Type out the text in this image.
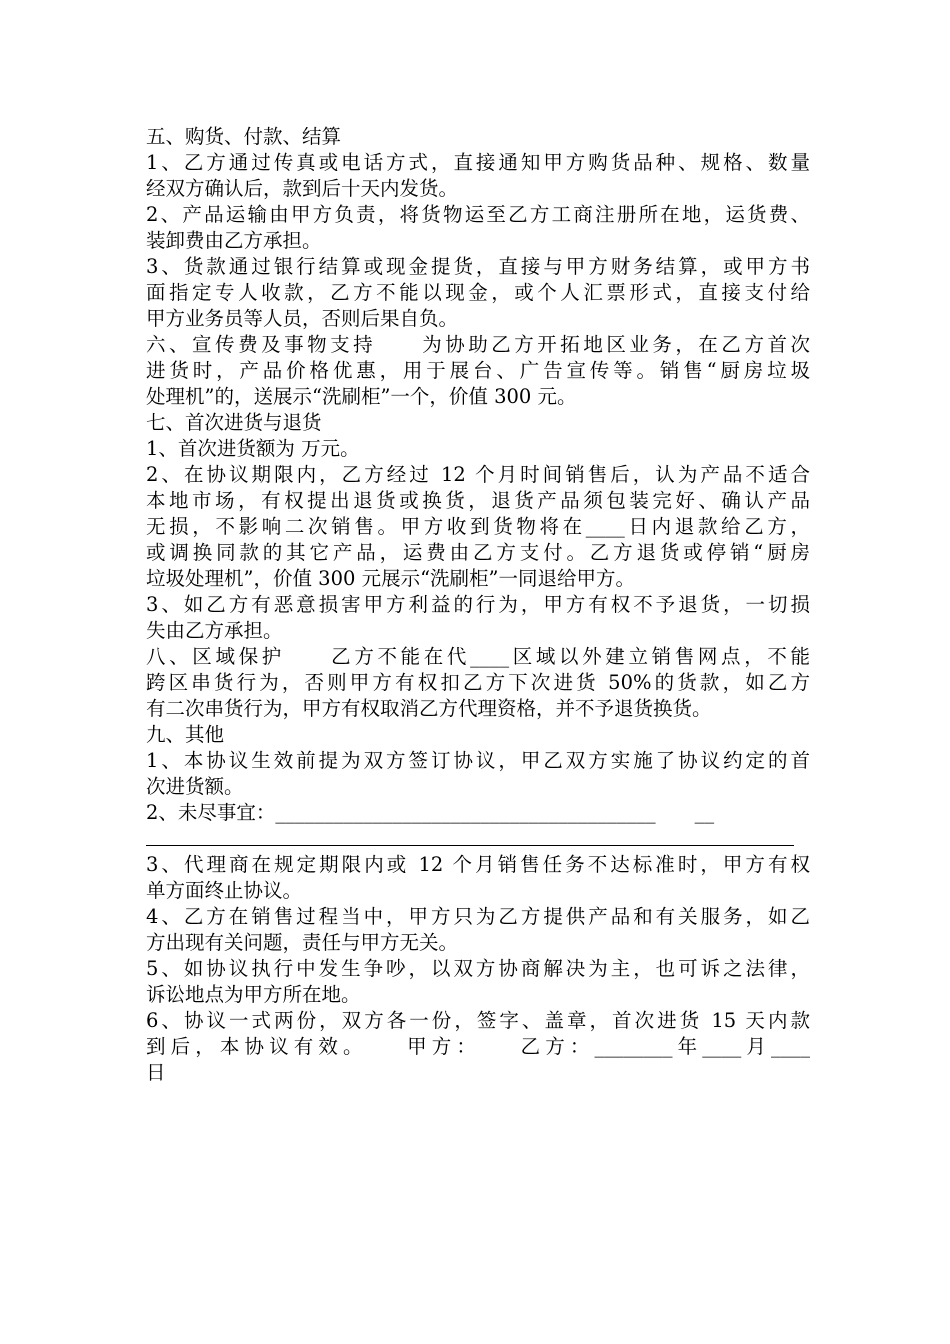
五、购货、付款、结算
1、乙方通过传真或电话方式，直接通知甲方购货品种、规格、数量
经双方确认后，款到后十天内发货。
2、产品运输由甲方负责，将货物运至乙方工商注册所在地，运货费、
装卸费由乙方承担。
3、货款通过银行结算或现金提货，直接与甲方财务结算，或甲方书
面指定专人收款，乙方不能以现金，或个人汇票形式，直接支付给
甲方业务员等人员，否则后果自负。
六、宣传费及事物支持　　为协助乙方开拓地区业务，在乙方首次
进货时，产品价格优惠，用于展台、广告宣传等。销售“厨房垃圾
处理机”的，送展示“洗刷柜”一个，价值 300 元。
七、首次进货与退货
1、首次进货额为 万元。
2、在协议期限内，乙方经过 12 个月时间销售后，认为产品不适合
本地市场，有权提出退货或换货，退货产品须包装完好、确认产品
无损，不影响二次销售。甲方收到货物将在____日内退款给乙方，
或调换同款的其它产品，运费由乙方支付。乙方退货或停销“厨房
垃圾处理机”，价值 300 元展示“洗刷柜”一同退给甲方。
3、如乙方有恶意损害甲方利益的行为，甲方有权不予退货，一切损
失由乙方承担。
八、区域保护　　乙方不能在代____区域以外建立销售网点，不能
跨区串货行为，否则甲方有权扣乙方下次进货 50%的货款，如乙方
有二次串货行为，甲方有权取消乙方代理资格，并不予退货换货。
九、其他
1、本协议生效前提为双方签订协议，甲乙双方实施了协议约定的首
次进货额。
2、未尽事宜：_______________________________________　　__
3、代理商在规定期限内或 12 个月销售任务不达标准时，甲方有权
单方面终止协议。
4、乙方在销售过程当中，甲方只为乙方提供产品和有关服务，如乙
方出现有关问题，责任与甲方无关。
5、如协议执行中发生争吵，以双方协商解决为主，也可诉之法律，
诉讼地点为甲方所在地。
6、协议一式两份，双方各一份，签字、盖章，首次进货 15 天内款
到后，本协议有效。　　甲方：　　乙方：________年____月____
日
